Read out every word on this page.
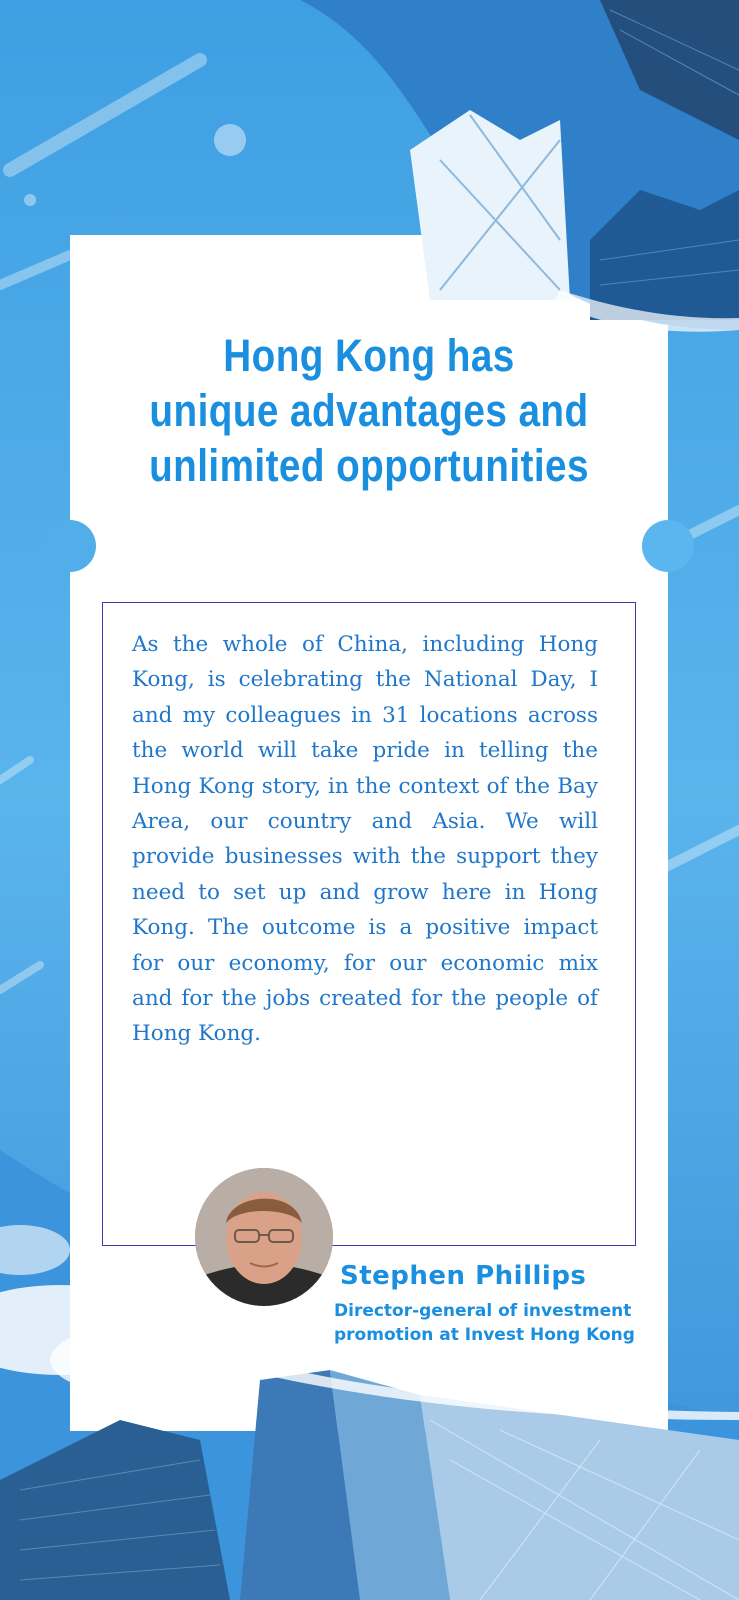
Hong Kong has
unique advantages and
unlimited opportunities
As the whole of China, including Hong Kong, is celebrating the National Day, I and my colleagues in 31 locations across the world will take pride in telling the Hong Kong story, in the context of the Bay Area, our country and Asia. We will provide businesses with the support they need to set up and grow here in Hong Kong. The outcome is a positive impact for our economy, for our economic mix and for the jobs created for the people of Hong Kong.
Stephen Phillips
Director-general of investment
promotion at Invest Hong Kong
